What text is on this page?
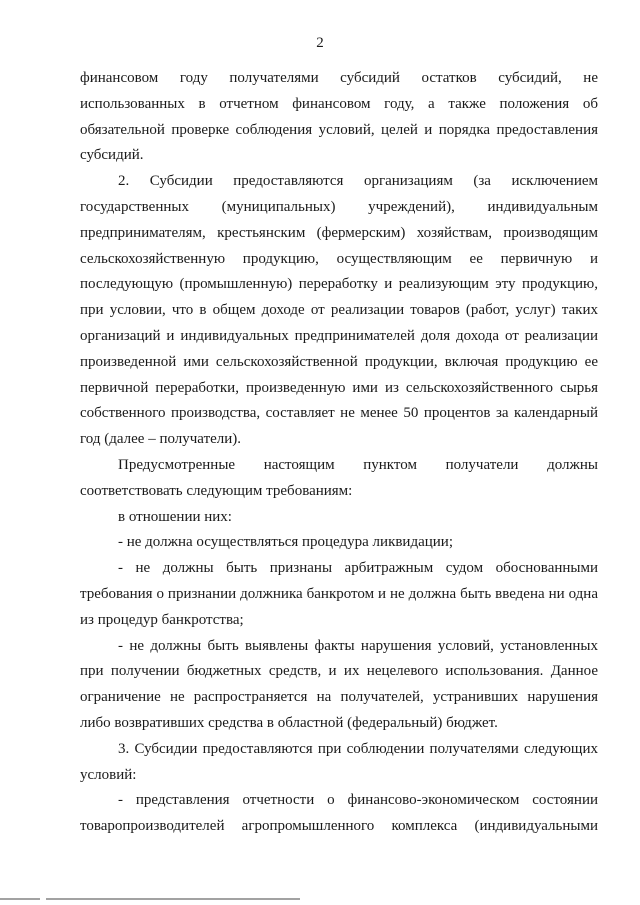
2

финансовом году получателями субсидий остатков субсидий, не использованных в отчетном финансовом году, а также положения об обязательной проверке соблюдения условий, целей и порядка предоставления субсидий.

2. Субсидии предоставляются организациям (за исключением государственных (муниципальных) учреждений), индивидуальным предпринимателям, крестьянским (фермерским) хозяйствам, производящим сельскохозяйственную продукцию, осуществляющим ее первичную и последующую (промышленную) переработку и реализующим эту продукцию, при условии, что в общем доходе от реализации товаров (работ, услуг) таких организаций и индивидуальных предпринимателей доля дохода от реализации произведенной ими сельскохозяйственной продукции, включая продукцию ее первичной переработки, произведенную ими из сельскохозяйственного сырья собственного производства, составляет не менее 50 процентов за календарный год (далее – получатели).

Предусмотренные настоящим пунктом получатели должны соответствовать следующим требованиям:

в отношении них:

- не должна осуществляться процедура ликвидации;

- не должны быть признаны арбитражным судом обоснованными требования о признании должника банкротом и не должна быть введена ни одна из процедур банкротства;

- не должны быть выявлены факты нарушения условий, установленных при получении бюджетных средств, и их нецелевого использования. Данное ограничение не распространяется на получателей, устранивших нарушения либо возвративших средства в областной (федеральный) бюджет.

3. Субсидии предоставляются при соблюдении получателями следующих условий:

- представления отчетности о финансово-экономическом состоянии товаропроизводителей агропромышленного комплекса (индивидуальными
